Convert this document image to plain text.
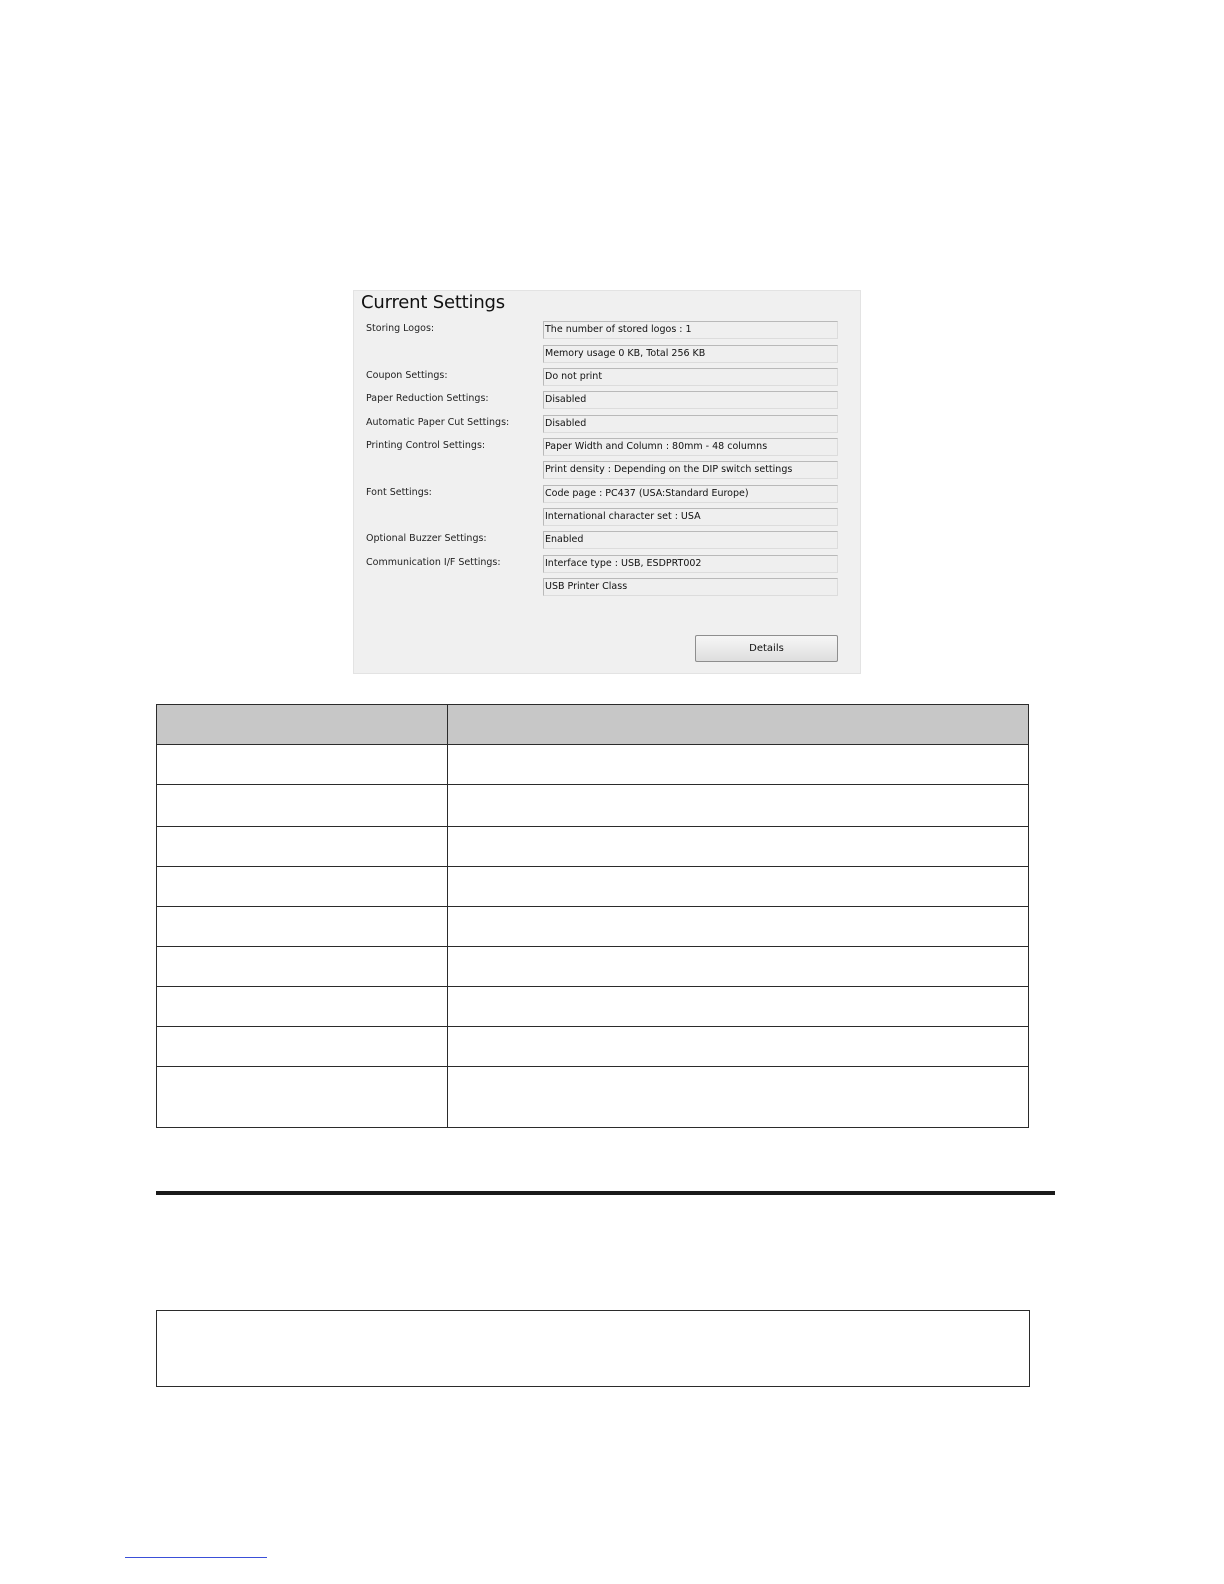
Current Settings
Storing Logos:	The number of stored logos : 1
Memory usage 0 KB, Total 256 KB
Coupon Settings:	Do not print
Paper Reduction Settings:	Disabled
Automatic Paper Cut Settings:	Disabled
Printing Control Settings:	Paper Width and Column : 80mm - 48 columns
Print density : Depending on the DIP switch settings
Font Settings:	Code page : PC437 (USA:Standard Europe)
International character set : USA
Optional Buzzer Settings:	Enabled
Communication I/F Settings:	Interface type : USB, ESDPRT002
USB Printer Class
Details
